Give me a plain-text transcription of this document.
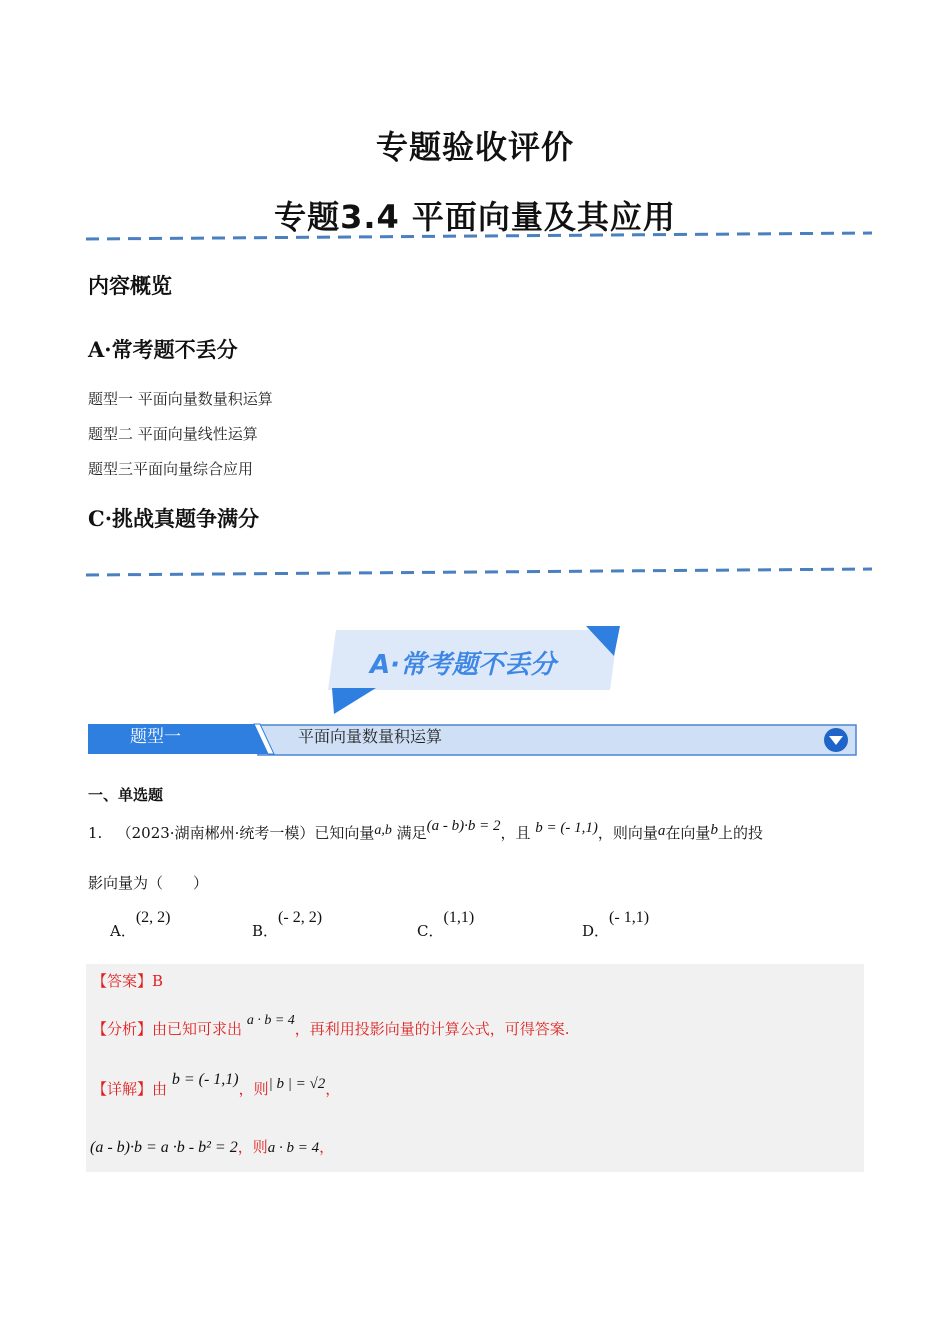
专题验收评价
专题3.4 平面向量及其应用
内容概览
A·常考题不丢分
题型一 平面向量数量积运算
题型二 平面向量线性运算
题型三平面向量综合应用
C·挑战真题争满分
A·常考题不丢分
题型一	平面向量数量积运算
一、单选题
1. （2023·湖南郴州·统考一模）已知向量a,b 满足(a - b)·b = 2，且 b = (- 1,1)，则向量a在向量b上的投
影向量为（　　）
A．(2, 2)
B．(- 2, 2)
C．(1,1)
D．(- 1,1)
【答案】B
【分析】由已知可求出 a · b = 4，再利用投影向量的计算公式，可得答案.
【详解】由 b = (- 1,1)，则| b | = √2，
(a - b)·b = a ·b - b² = 2，则a · b = 4，
